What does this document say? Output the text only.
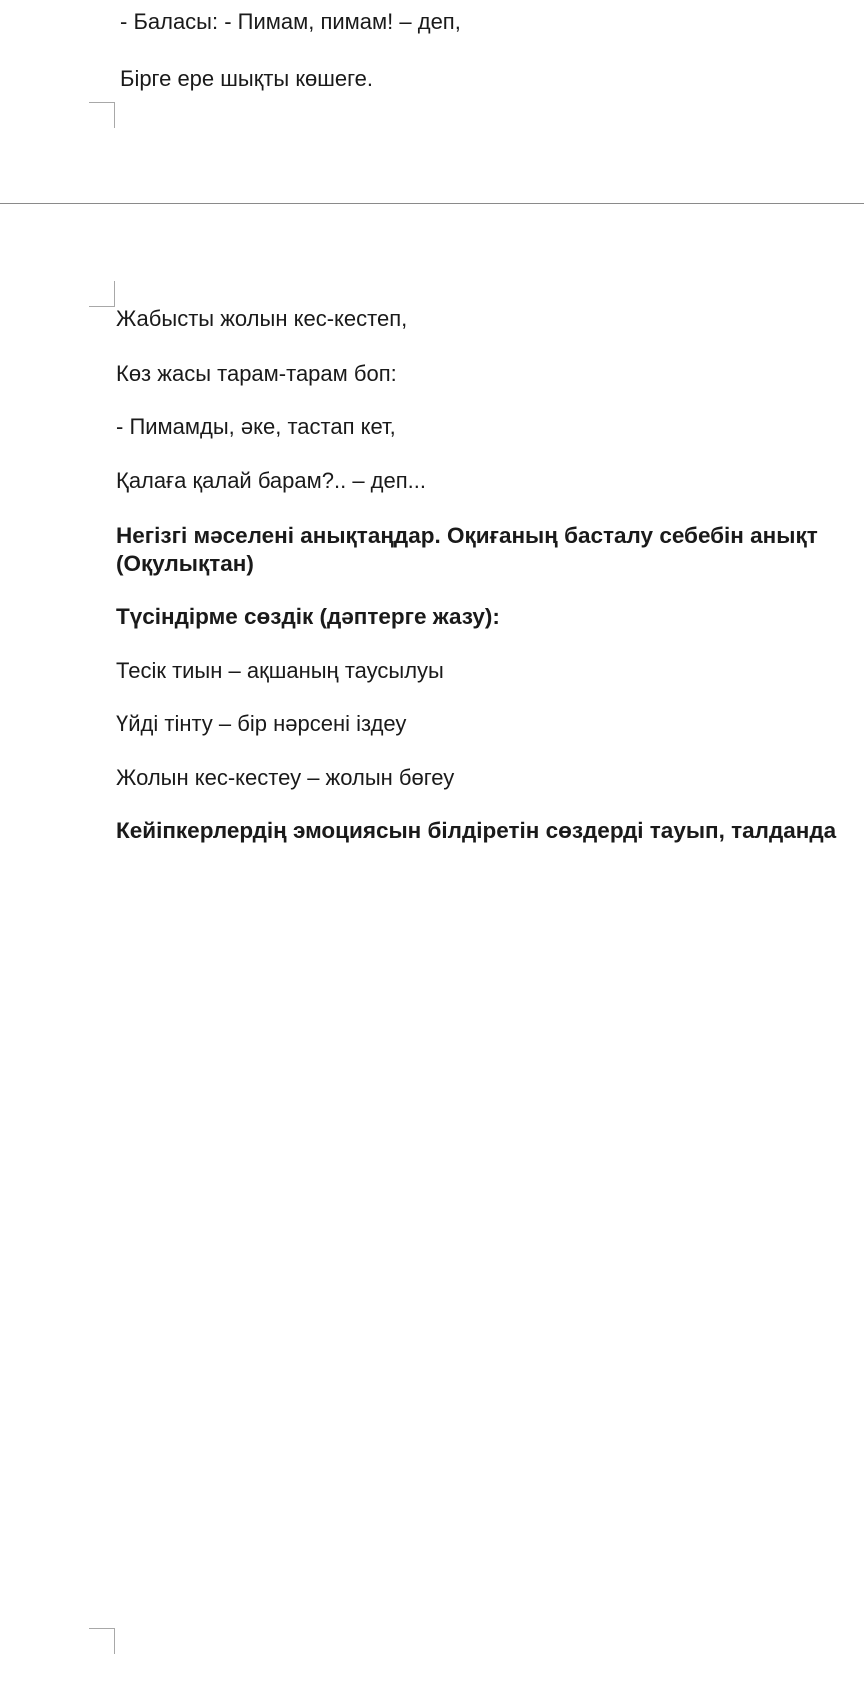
- Баласы: - Пимам, пимам! – деп,

Бірге ере шықты көшеге.

Жабысты жолын кес-кестеп,

Көз жасы тарам-тарам боп:

- Пимамды, әке, тастап кет,

Қалаға қалай барам?.. – деп...

Негізгі мәселені анықтаңдар. Оқиғаның басталу себебін анықт

(Оқулықтан)

Түсіндірме сөздік (дәптерге жазу):

Тесік тиын – ақшаның таусылуы

Үйді тінту – бір нәрсені іздеу

Жолын кес-кестеу – жолын бөгеу

Кейіпкерлердің эмоциясын білдіретін сөздерді тауып, талданда
